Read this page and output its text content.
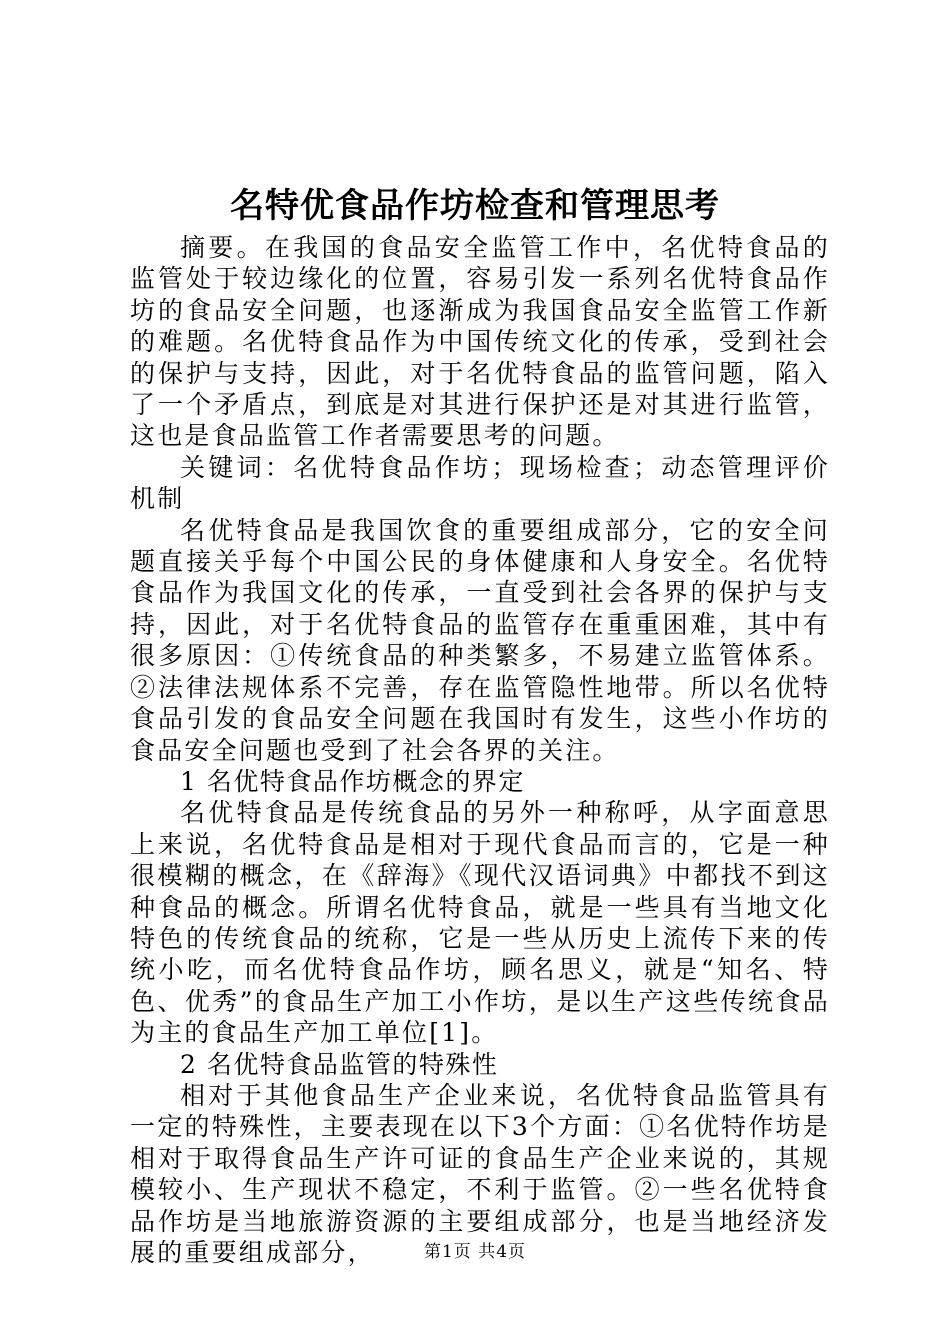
名特优食品作坊检查和管理思考

摘要。在我国的食品安全监管工作中，名优特食品的监管处于较边缘化的位置，容易引发一系列名优特食品作坊的食品安全问题，也逐渐成为我国食品安全监管工作新的难题。名优特食品作为中国传统文化的传承，受到社会的保护与支持，因此，对于名优特食品的监管问题，陷入了一个矛盾点，到底是对其进行保护还是对其进行监管，这也是食品监管工作者需要思考的问题。

关键词：名优特食品作坊；现场检查；动态管理评价机制

名优特食品是我国饮食的重要组成部分，它的安全问题直接关乎每个中国公民的身体健康和人身安全。名优特食品作为我国文化的传承，一直受到社会各界的保护与支持，因此，对于名优特食品的监管存在重重困难，其中有很多原因：①传统食品的种类繁多，不易建立监管体系。②法律法规体系不完善，存在监管隐性地带。所以名优特食品引发的食品安全问题在我国时有发生，这些小作坊的食品安全问题也受到了社会各界的关注。

1 名优特食品作坊概念的界定

名优特食品是传统食品的另外一种称呼，从字面意思上来说，名优特食品是相对于现代食品而言的，它是一种很模糊的概念，在《辞海》《现代汉语词典》中都找不到这种食品的概念。所谓名优特食品，就是一些具有当地文化特色的传统食品的统称，它是一些从历史上流传下来的传统小吃，而名优特食品作坊，顾名思义，就是“知名、特色、优秀”的食品生产加工小作坊，是以生产这些传统食品为主的食品生产加工单位[1]。

2 名优特食品监管的特殊性

相对于其他食品生产企业来说，名优特食品监管具有一定的特殊性，主要表现在以下3个方面：①名优特作坊是相对于取得食品生产许可证的食品生产企业来说的，其规模较小、生产现状不稳定，不利于监管。②一些名优特食品作坊是当地旅游资源的主要组成部分，也是当地经济发展的重要组成部分，	第1页 共4页
